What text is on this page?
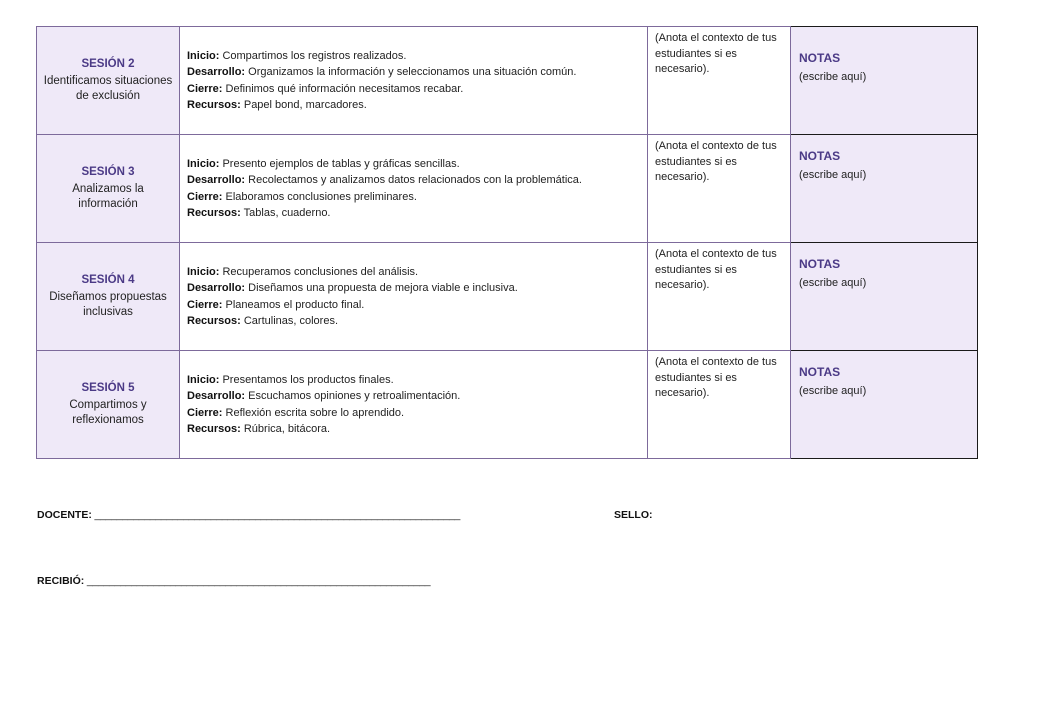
SESIÓN 2
Identificamos situaciones de exclusión	Inicio: Compartimos los registros realizados.
Desarrollo: Organizamos la información y seleccionamos una situación común.
Cierre: Definimos qué información necesitamos recabar.
Recursos: Papel bond, marcadores.	(Anota el contexto de tus estudiantes si es necesario).	NOTAS
(escribe aquí)

SESIÓN 3
Analizamos la información	Inicio: Presento ejemplos de tablas y gráficas sencillas.
Desarrollo: Recolectamos y analizamos datos relacionados con la problemática.
Cierre: Elaboramos conclusiones preliminares.
Recursos: Tablas, cuaderno.	(Anota el contexto de tus estudiantes si es necesario).	NOTAS
(escribe aquí)

SESIÓN 4
Diseñamos propuestas inclusivas	Inicio: Recuperamos conclusiones del análisis.
Desarrollo: Diseñamos una propuesta de mejora viable e inclusiva.
Cierre: Planeamos el producto final.
Recursos: Cartulinas, colores.	(Anota el contexto de tus estudiantes si es necesario).	NOTAS
(escribe aquí)

SESIÓN 5
Compartimos y reflexionamos	Inicio: Presentamos los productos finales.
Desarrollo: Escuchamos opiniones y retroalimentación.
Cierre: Reflexión escrita sobre lo aprendido.
Recursos: Rúbrica, bitácora.	(Anota el contexto de tus estudiantes si es necesario).	NOTAS
(escribe aquí)
DOCENTE: __________________________________________________________________	SELLO:
RECIBIÓ: ______________________________________________________________
